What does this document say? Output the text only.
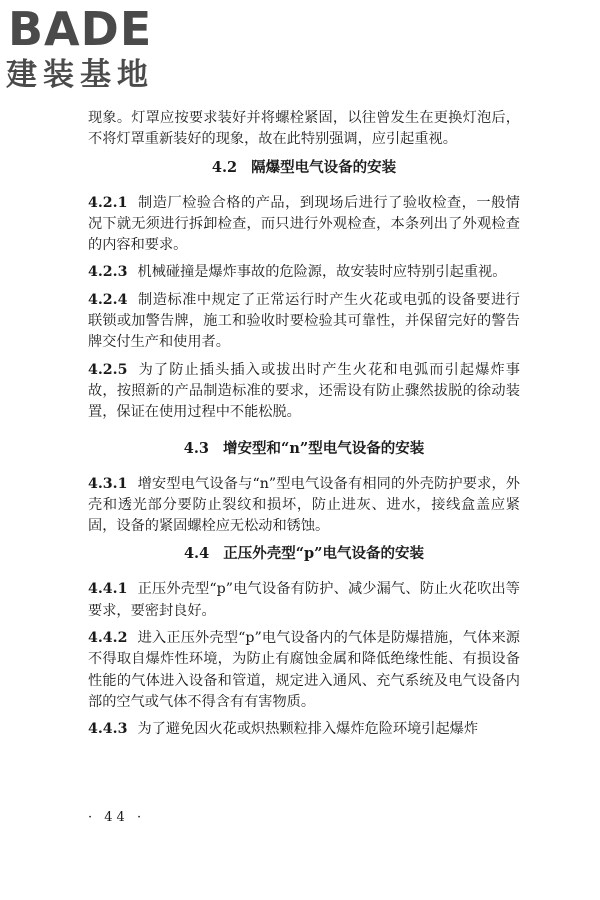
BADE
建装基地

现象。灯罩应按要求装好并将螺栓紧固，以往曾发生在更换灯泡后，不将灯罩重新装好的现象，故在此特别强调，应引起重视。

4.2 隔爆型电气设备的安装

4.2.1 制造厂检验合格的产品，到现场后进行了验收检查，一般情况下就无须进行拆卸检查，而只进行外观检查，本条列出了外观检查的内容和要求。

4.2.3 机械碰撞是爆炸事故的危险源，故安装时应特别引起重视。

4.2.4 制造标准中规定了正常运行时产生火花或电弧的设备要进行联锁或加警告牌，施工和验收时要检验其可靠性，并保留完好的警告牌交付生产和使用者。

4.2.5 为了防止插头插入或拔出时产生火花和电弧而引起爆炸事故，按照新的产品制造标准的要求，还需设有防止骤然拔脱的徐动装置，保证在使用过程中不能松脱。

4.3 增安型和“n”型电气设备的安装

4.3.1 增安型电气设备与“n”型电气设备有相同的外壳防护要求，外壳和透光部分要防止裂纹和损坏，防止进灰、进水，接线盒盖应紧固，设备的紧固螺栓应无松动和锈蚀。

4.4 正压外壳型“p”电气设备的安装

4.4.1 正压外壳型“p”电气设备有防护、减少漏气、防止火花吹出等要求，要密封良好。

4.4.2 进入正压外壳型“p”电气设备内的气体是防爆措施，气体来源不得取自爆炸性环境，为防止有腐蚀金属和降低绝缘性能、有损设备性能的气体进入设备和管道，规定进入通风、充气系统及电气设备内部的空气或气体不得含有有害物质。

4.4.3 为了避免因火花或炽热颗粒排入爆炸危险环境引起爆炸

· 44 ·
